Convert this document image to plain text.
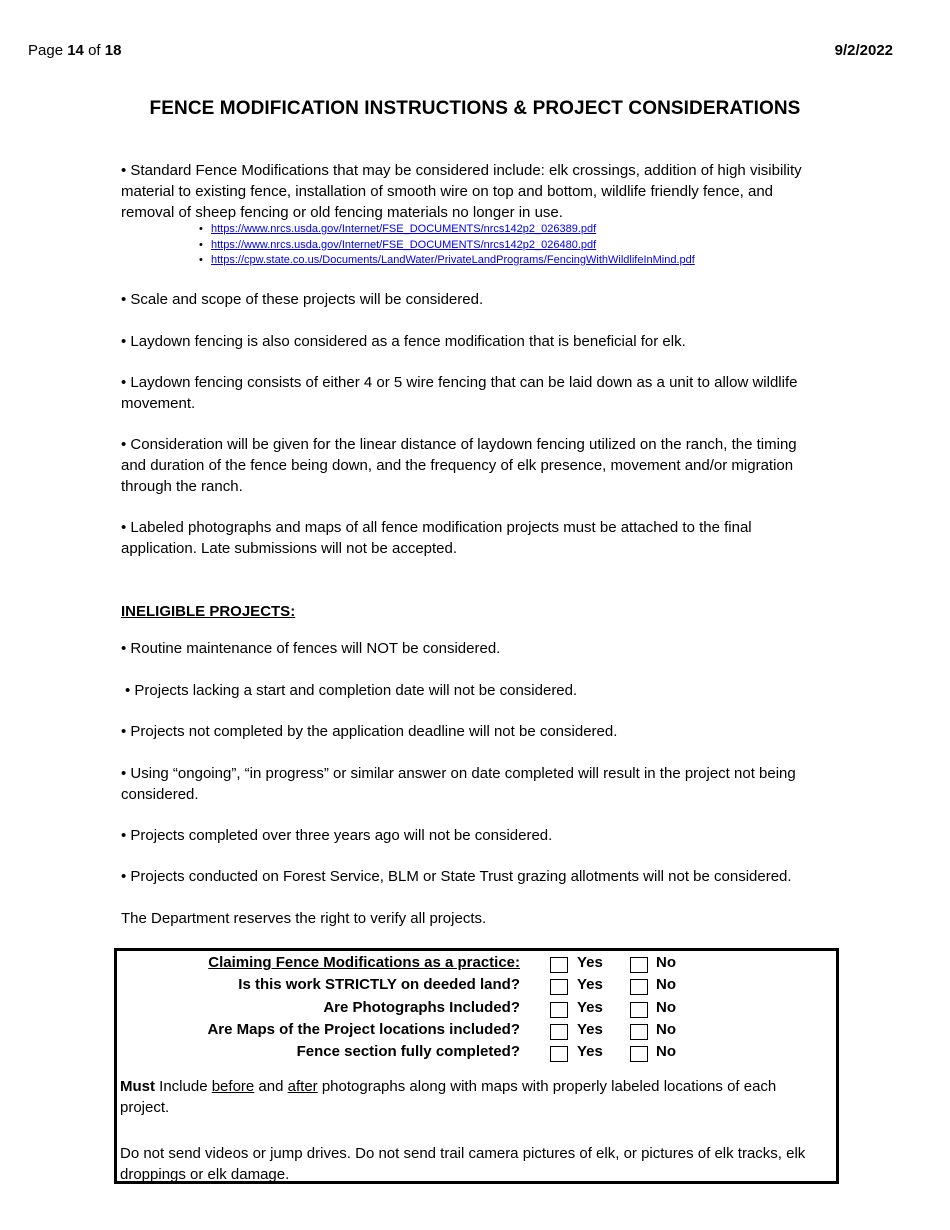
Page 14 of 18	9/2/2022
FENCE MODIFICATION INSTRUCTIONS & PROJECT CONSIDERATIONS
• Standard Fence Modifications that may be considered include: elk crossings, addition of high visibility material to existing fence, installation of smooth wire on top and bottom, wildlife friendly fence, and removal of sheep fencing or old fencing materials no longer in use.
• https://www.nrcs.usda.gov/Internet/FSE_DOCUMENTS/nrcs142p2_026389.pdf
• https://www.nrcs.usda.gov/Internet/FSE_DOCUMENTS/nrcs142p2_026480.pdf
• https://cpw.state.co.us/Documents/LandWater/PrivateLandPrograms/FencingWithWildlifeInMind.pdf
• Scale and scope of these projects will be considered.
• Laydown fencing is also considered as a fence modification that is beneficial for elk.
• Laydown fencing consists of either 4 or 5 wire fencing that can be laid down as a unit to allow wildlife movement.
• Consideration will be given for the linear distance of laydown fencing utilized on the ranch, the timing and duration of the fence being down, and the frequency of elk presence, movement and/or migration through the ranch.
• Labeled photographs and maps of all fence modification projects must be attached to the final application. Late submissions will not be accepted.
INELIGIBLE PROJECTS:
• Routine maintenance of fences will NOT be considered.
• Projects lacking a start and completion date will not be considered.
• Projects not completed by the application deadline will not be considered.
• Using “ongoing”, “in progress” or similar answer on date completed will result in the project not being considered.
• Projects completed over three years ago will not be considered.
• Projects conducted on Forest Service, BLM or State Trust grazing allotments will not be considered.
The Department reserves the right to verify all projects.
Claiming Fence Modifications as a practice:	Yes	No
Is this work STRICTLY on deeded land?	Yes	No
Are Photographs Included?	Yes	No
Are Maps of the Project locations included?	Yes	No
Fence section fully completed?	Yes	No
Must Include before and after photographs along with maps with properly labeled locations of each project.
Do not send videos or jump drives. Do not send trail camera pictures of elk, or pictures of elk tracks, elk droppings or elk damage.
